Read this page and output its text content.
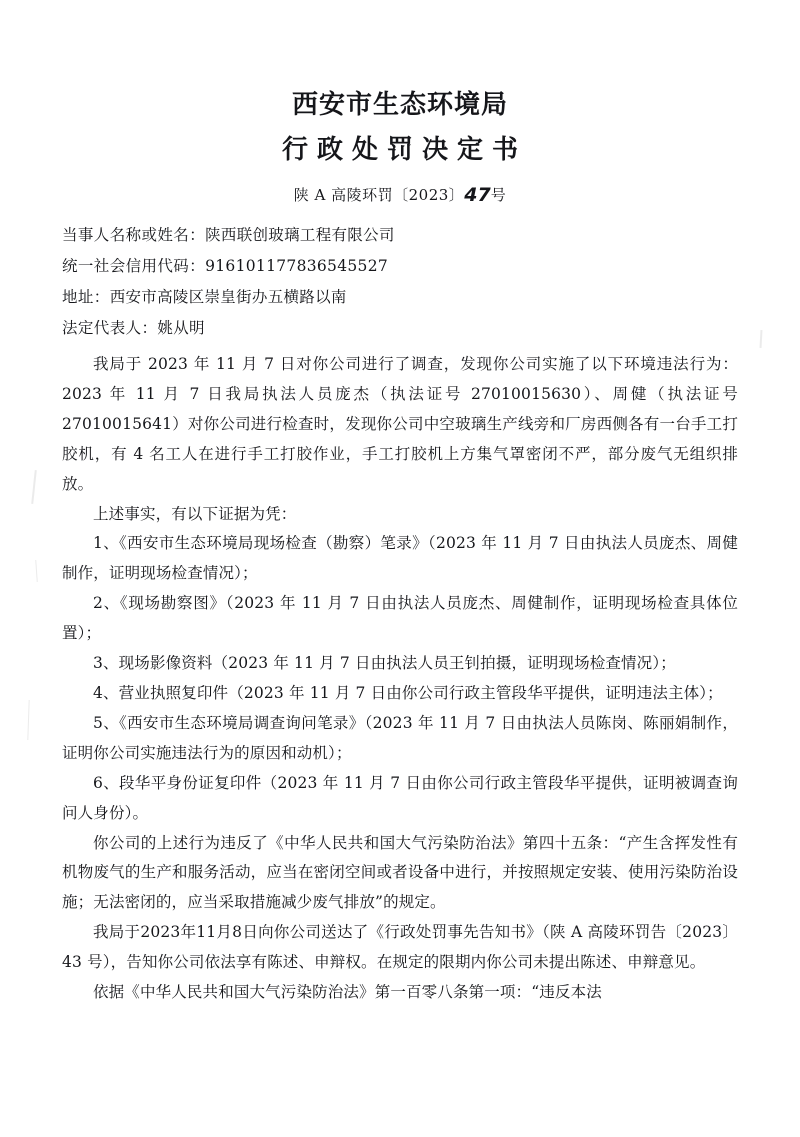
西安市生态环境局
行政处罚决定书
陕 A 高陵环罚〔2023〕47号
当事人名称或姓名：陕西联创玻璃工程有限公司
统一社会信用代码：916101177836545527
地址：西安市高陵区崇皇街办五横路以南
法定代表人：姚从明

我局于 2023 年 11 月 7 日对你公司进行了调查，发现你公司实施了以下环境违法行为：2023 年 11 月 7 日我局执法人员庞杰（执法证号 27010015630）、周健（执法证号 27010015641）对你公司进行检查时，发现你公司中空玻璃生产线旁和厂房西侧各有一台手工打胶机，有 4 名工人在进行手工打胶作业，手工打胶机上方集气罩密闭不严，部分废气无组织排放。

上述事实，有以下证据为凭：

1、《西安市生态环境局现场检查（勘察）笔录》（2023 年 11 月 7 日由执法人员庞杰、周健制作，证明现场检查情况）；

2、《现场勘察图》（2023 年 11 月 7 日由执法人员庞杰、周健制作，证明现场检查具体位置）；

3、现场影像资料（2023 年 11 月 7 日由执法人员王钊拍摄，证明现场检查情况）；

4、营业执照复印件（2023 年 11 月 7 日由你公司行政主管段华平提供，证明违法主体）；

5、《西安市生态环境局调查询问笔录》（2023 年 11 月 7 日由执法人员陈岗、陈丽娟制作，证明你公司实施违法行为的原因和动机）；

6、段华平身份证复印件（2023 年 11 月 7 日由你公司行政主管段华平提供，证明被调查询问人身份）。

你公司的上述行为违反了《中华人民共和国大气污染防治法》第四十五条：“产生含挥发性有机物废气的生产和服务活动，应当在密闭空间或者设备中进行，并按照规定安装、使用污染防治设施；无法密闭的，应当采取措施减少废气排放”的规定。

我局于2023年11月8日向你公司送达了《行政处罚事先告知书》（陕 A 高陵环罚告〔2023〕43 号），告知你公司依法享有陈述、申辩权。在规定的限期内你公司未提出陈述、申辩意见。

依据《中华人民共和国大气污染防治法》第一百零八条第一项：“违反本法
